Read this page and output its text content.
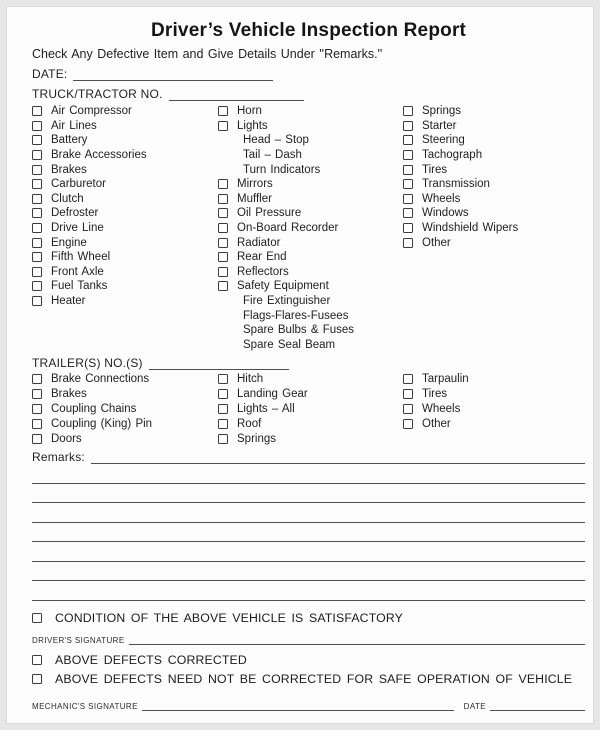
Driver’s Vehicle Inspection Report
Check Any Defective Item and Give Details Under ''Remarks.''
DATE:
TRUCK/TRACTOR NO.
Air Compressor
Air Lines
Battery
Brake Accessories
Brakes
Carburetor
Clutch
Defroster
Drive Line
Engine
Fifth Wheel
Front Axle
Fuel Tanks
Heater
Horn
Lights
Head – Stop
Tail – Dash
Turn Indicators
Mirrors
Muffler
Oil Pressure
On-Board Recorder
Radiator
Rear End
Reflectors
Safety Equipment
Fire Extinguisher
Flags-Flares-Fusees
Spare Bulbs & Fuses
Spare Seal Beam
Springs
Starter
Steering
Tachograph
Tires
Transmission
Wheels
Windows
Windshield Wipers
Other
TRAILER(S) NO.(S)
Brake Connections
Brakes
Coupling Chains
Coupling (King) Pin
Doors
Hitch
Landing Gear
Lights – All
Roof
Springs
Tarpaulin
Tires
Wheels
Other
Remarks:
CONDITION OF THE ABOVE VEHICLE IS SATISFACTORY
DRIVER'S SIGNATURE
ABOVE DEFECTS CORRECTED
ABOVE DEFECTS NEED NOT BE CORRECTED FOR SAFE OPERATION OF VEHICLE
MECHANIC'S SIGNATURE	DATE
